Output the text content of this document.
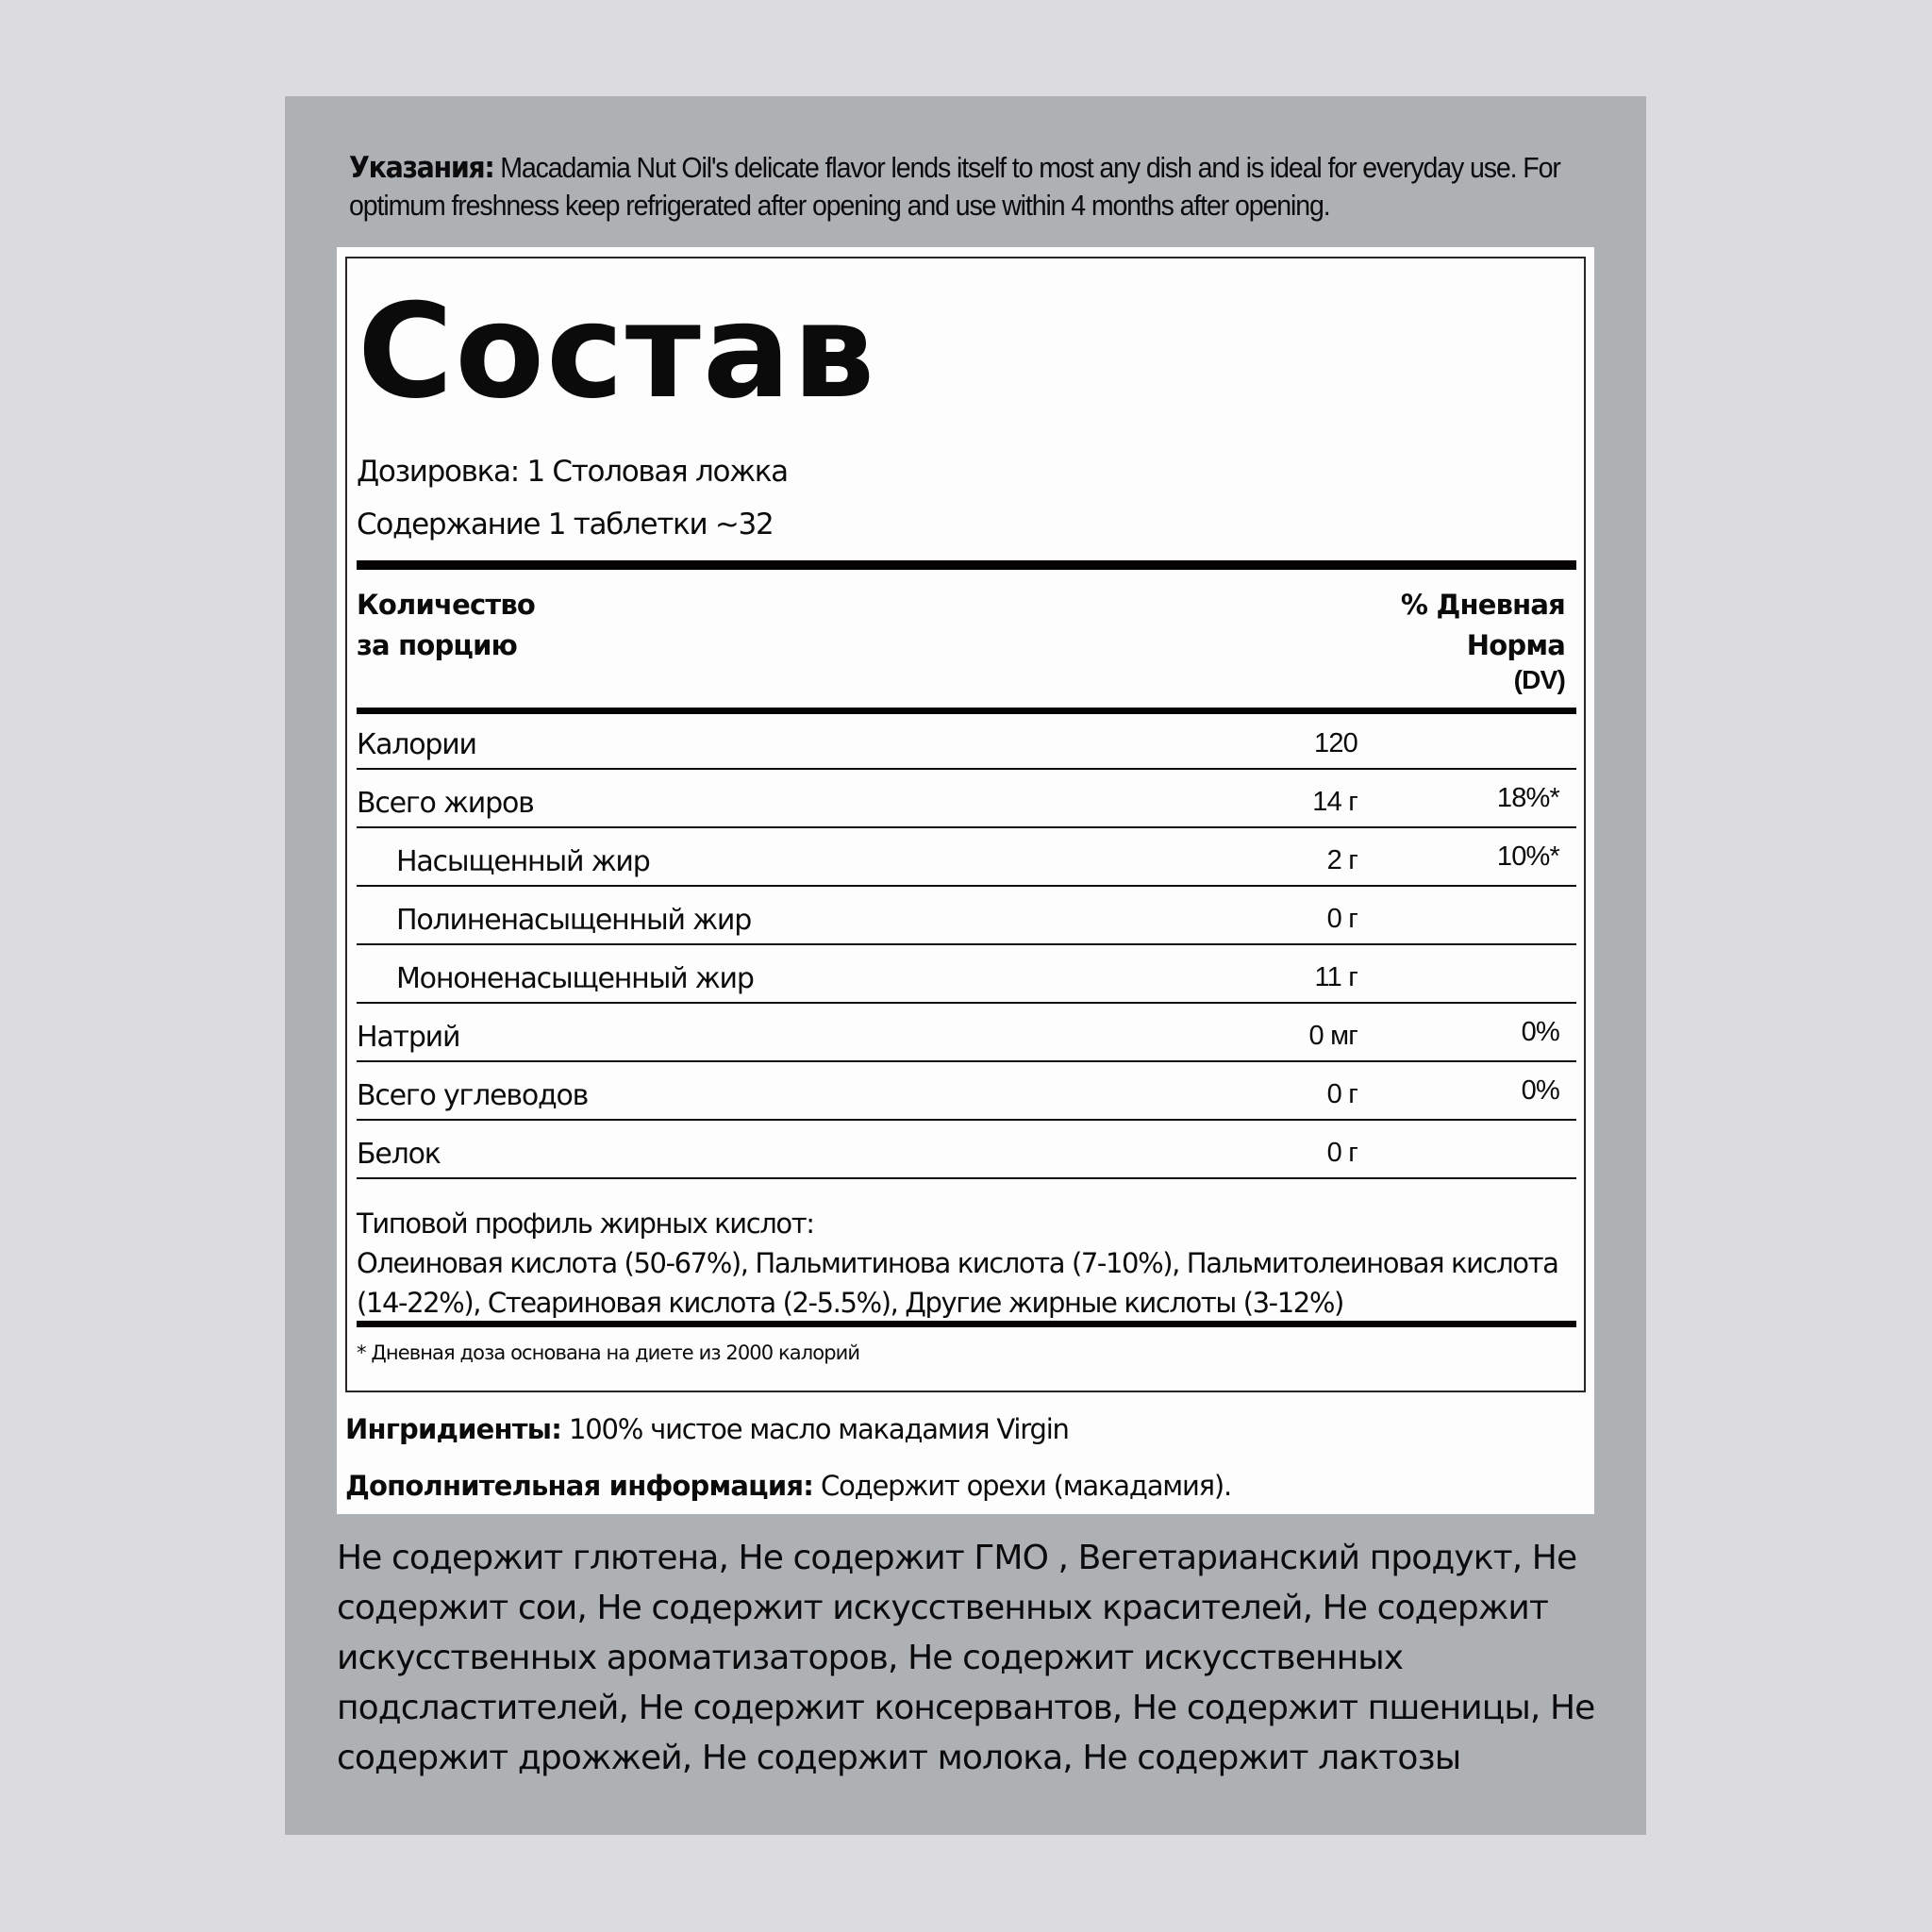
Указания: Macadamia Nut Oil's delicate flavor lends itself to most any dish and is ideal for everyday use. For optimum freshness keep refrigerated after opening and use within 4 months after opening.
Состав
Дозировка: 1 Столовая ложка
Содержание 1 таблетки ~32
Количество
за порцию
% Дневная
Норма
(DV)
Калории	120
Всего жиров	14 г	18%*
Насыщенный жир	2 г	10%*
Полиненасыщенный жир	0 г
Мононенасыщенный жир	11 г
Натрий	0 мг	0%
Всего углеводов	0 г	0%
Белок	0 г
Типовой профиль жирных кислот:
Олеиновая кислота (50-67%), Пальмитинова кислота (7-10%), Пальмитолеиновая кислота (14-22%), Стеариновая кислота (2-5.5%), Другие жирные кислоты (3-12%)
* Дневная доза основана на диете из 2000 калорий
Ингридиенты: 100% чистое масло макадамия Virgin
Дополнительная информация: Содержит орехи (макадамия).
Не содержит глютена, Не содержит ГМО , Вегетарианский продукт, Не содержит сои, Не содержит искусственных красителей, Не содержит искусственных ароматизаторов, Не содержит искусственных подсластителей, Не содержит консервантов, Не содержит пшеницы, Не содержит дрожжей, Не содержит молока, Не содержит лактозы
